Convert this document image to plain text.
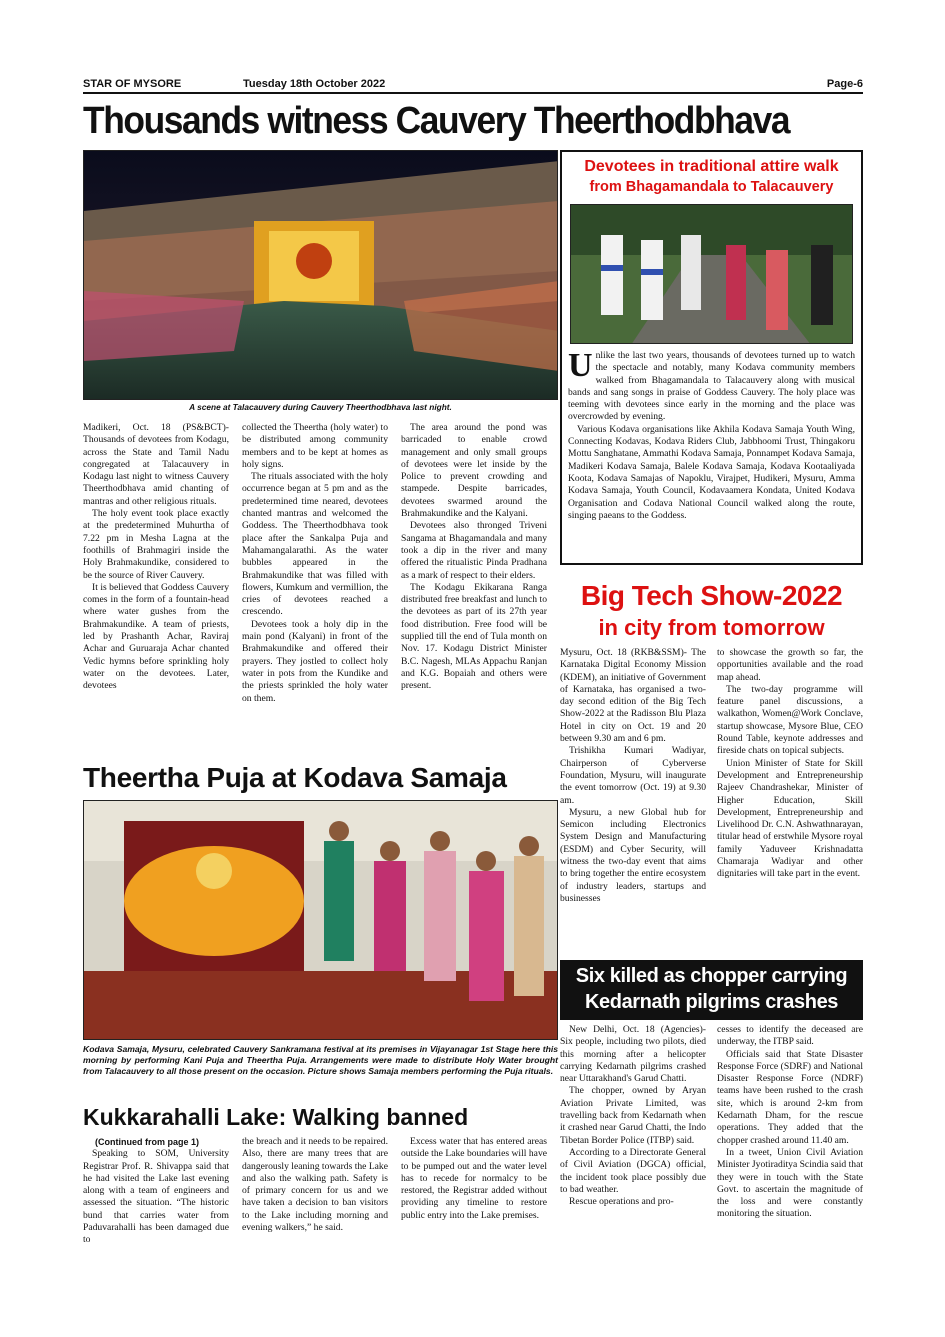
STAR OF MYSORE	Tuesday 18th October 2022	Page-6
Thousands witness Cauvery Theerthodbhava
A scene at Talacauvery during Cauvery Theerthodbhava last night.

Madikeri, Oct. 18 (PS&BCT)- Thousands of devotees from Kodagu, across the State and Tamil Nadu congregated at Talacauvery in Kodagu last night to witness Cauvery Theerthodbhava amid chanting of mantras and other religious rituals.

The holy event took place exactly at the predetermined Muhurtha of 7.22 pm in Mesha Lagna at the foothills of Brahmagiri inside the Holy Brahmakundike, considered to be the source of River Cauvery.

It is believed that Goddess Cauvery comes in the form of a fountain-head where water gushes from the Brahmakundike. A team of priests, led by Prashanth Achar, Raviraj Achar and Guruaraja Achar chanted Vedic hymns before sprinkling holy water on the devotees. Later, devotees

collected the Theertha (holy water) to be distributed among community members and to be kept at homes as holy signs.

The rituals associated with the holy occurrence began at 5 pm and as the predetermined time neared, devotees chanted mantras and welcomed the Goddess. The Theerthodbhava took place after the Sankalpa Puja and Mahamangalarathi. As the water bubbles appeared in the Brahmakundike that was filled with flowers, Kumkum and vermillion, the cries of devotees reached a crescendo.

Devotees took a holy dip in the main pond (Kalyani) in front of the Brahmakundike and offered their prayers. They jostled to collect holy water in pots from the Kundike and the priests sprinkled the holy water on them.

The area around the pond was barricaded to enable crowd management and only small groups of devotees were let inside by the Police to prevent crowding and stampede. Despite barricades, devotees swarmed around the Brahmakundike and the Kalyani.

Devotees also thronged Triveni Sangama at Bhagamandala and many took a dip in the river and many offered the ritualistic Pinda Pradhana as a mark of respect to their elders.

The Kodagu Ekikarana Ranga distributed free breakfast and lunch to the devotees as part of its 27th year food distribution. Free food will be supplied till the end of Tula month on Nov. 17. Kodagu District Minister B.C. Nagesh, MLAs Appachu Ranjan and K.G. Bopaiah and others were present.

Devotees in traditional attire walk
from Bhagamandala to Talacauvery

Unlike the last two years, thousands of devotees turned up to watch the spectacle and notably, many Kodava community members walked from Bhagamandala to Talacauvery along with musical bands and sang songs in praise of Goddess Cauvery. The holy place was teeming with devotees since early in the morning and the place was overcrowded by evening.

Various Kodava organisations like Akhila Kodava Samaja Youth Wing, Connecting Kodavas, Kodava Riders Club, Jabbhoomi Trust, Thingakoru Mottu Sanghatane, Ammathi Kodava Samaja, Ponnampet Kodava Samaja, Madikeri Kodava Samaja, Balele Kodava Samaja, Kodava Kootaaliyada Koota, Kodava Samajas of Napoklu, Virajpet, Hudikeri, Mysuru, Amma Kodava Samaja, Youth Council, Kodavaamera Kondata, United Kodava Organisation and Codava National Council walked along the route, singing paeans to the Goddess.

Big Tech Show-2022
in city from tomorrow

Mysuru, Oct. 18 (RKB&SSM)- The Karnataka Digital Economy Mission (KDEM), an initiative of Government of Karnataka, has organised a two-day second edition of the Big Tech Show-2022 at the Radisson Blu Plaza Hotel in city on Oct. 19 and 20 between 9.30 am and 6 pm.

Trishikha Kumari Wadiyar, Chairperson of Cyberverse Foundation, Mysuru, will inaugurate the event tomorrow (Oct. 19) at 9.30 am.

Mysuru, a new Global hub for Semicon including Electronics System Design and Manufacturing (ESDM) and Cyber Security, will witness the two-day event that aims to bring together the entire ecosystem of industry leaders, startups and businesses

to showcase the growth so far, the opportunities available and the road map ahead.

The two-day programme will feature panel discussions, a walkathon, Women@Work Conclave, startup showcase, Mysore Blue, CEO Round Table, keynote addresses and fireside chats on topical subjects.

Union Minister of State for Skill Development and Entrepreneurship Rajeev Chandrashekar, Minister of Higher Education, Skill Development, Entrepreneurship and Livelihood Dr. C.N. Ashwathnarayan, titular head of erstwhile Mysore royal family Yaduveer Krishnadatta Chamaraja Wadiyar and other dignitaries will take part in the event.

Theertha Puja at Kodava Samaja
Kodava Samaja, Mysuru, celebrated Cauvery Sankramana festival at its premises in Vijayanagar 1st Stage here this morning by performing Kani Puja and Theertha Puja. Arrangements were made to distribute Holy Water brought from Talacauvery to all those present on the occasion. Picture shows Samaja members performing the Puja rituals.
Six killed as chopper carrying
Kedarnath pilgrims crashes

New Delhi, Oct. 18 (Agencies)- Six people, including two pilots, died this morning after a helicopter carrying Kedarnath pilgrims crashed near Uttarakhand's Garud Chatti.

The chopper, owned by Aryan Aviation Private Limited, was travelling back from Kedarnath when it crashed near Garud Chatti, the Indo Tibetan Border Police (ITBP) said.

According to a Directorate General of Civil Aviation (DGCA) official, the incident took place possibly due to bad weather.

Rescue operations and pro-

cesses to identify the deceased are underway, the ITBP said.

Officials said that State Disaster Response Force (SDRF) and National Disaster Response Force (NDRF) teams have been rushed to the crash site, which is around 2-km from Kedarnath Dham, for the rescue operations. They added that the chopper crashed around 11.40 am.

In a tweet, Union Civil Aviation Minister Jyotiraditya Scindia said that they were in touch with the State Govt. to ascertain the magnitude of the loss and were constantly monitoring the situation.

Kukkarahalli Lake: Walking banned

(Continued from page 1)

Speaking to SOM, University Registrar Prof. R. Shivappa said that he had visited the Lake last evening along with a team of engineers and assessed the situation. “The historic bund that carries water from Paduvarahalli has been damaged due to

the breach and it needs to be repaired. Also, there are many trees that are dangerously leaning towards the Lake and also the walking path. Safety is of primary concern for us and we have taken a decision to ban visitors to the Lake including morning and evening walkers,” he said.

Excess water that has entered areas outside the Lake boundaries will have to be pumped out and the water level has to recede for normalcy to be restored, the Registrar added without providing any timeline to restore public entry into the Lake premises.
